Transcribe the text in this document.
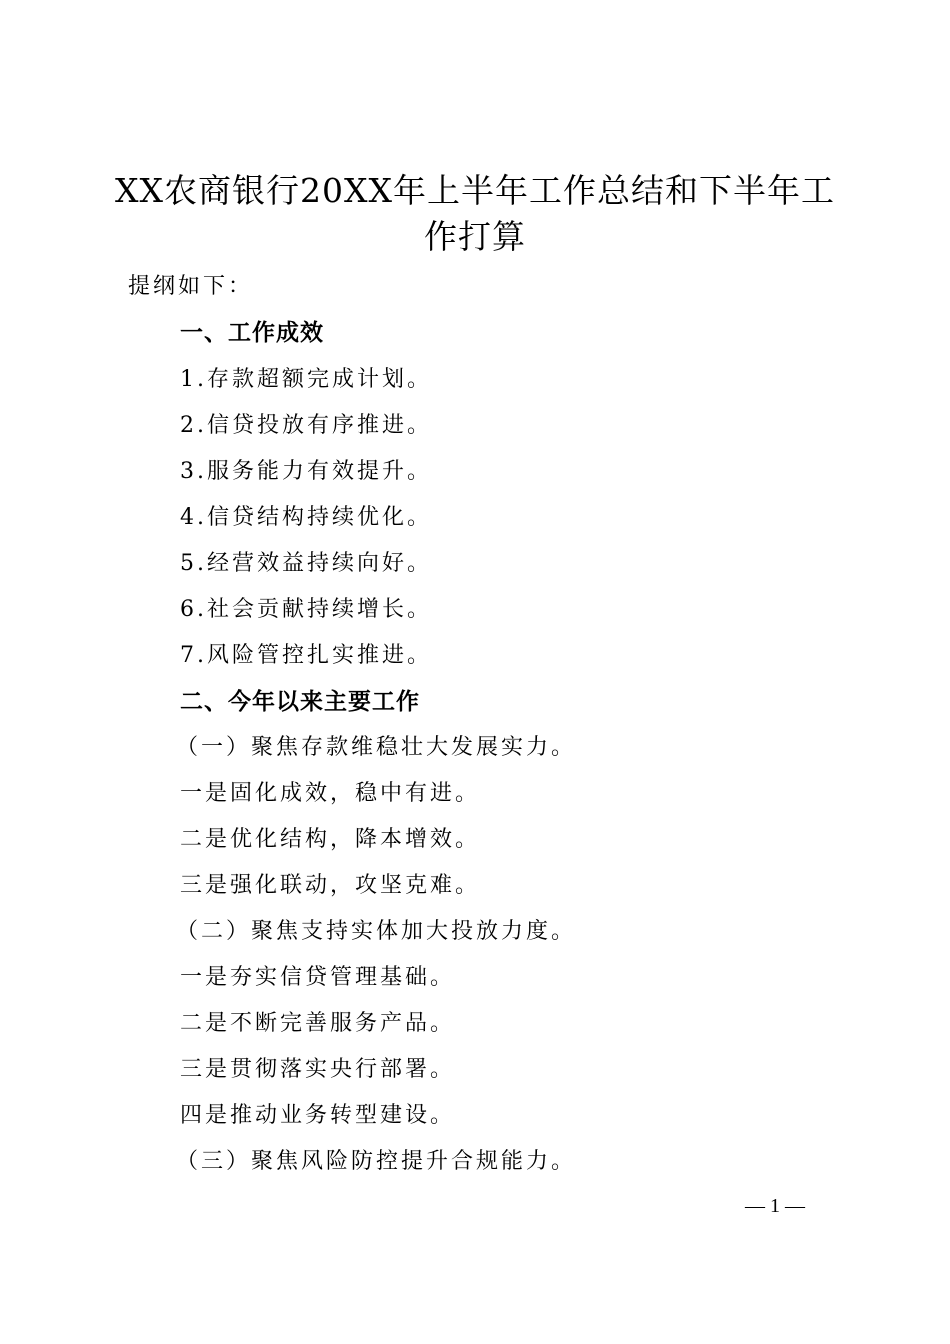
XX农商银行20XX年上半年工作总结和下半年工作打算
提纲如下：
一、工作成效
1.存款超额完成计划。
2.信贷投放有序推进。
3.服务能力有效提升。
4.信贷结构持续优化。
5.经营效益持续向好。
6.社会贡献持续增长。
7.风险管控扎实推进。
二、今年以来主要工作
（一）聚焦存款维稳壮大发展实力。
一是固化成效，稳中有进。
二是优化结构，降本增效。
三是强化联动，攻坚克难。
（二）聚焦支持实体加大投放力度。
一是夯实信贷管理基础。
二是不断完善服务产品。
三是贯彻落实央行部署。
四是推动业务转型建设。
（三）聚焦风险防控提升合规能力。
— 1 —
